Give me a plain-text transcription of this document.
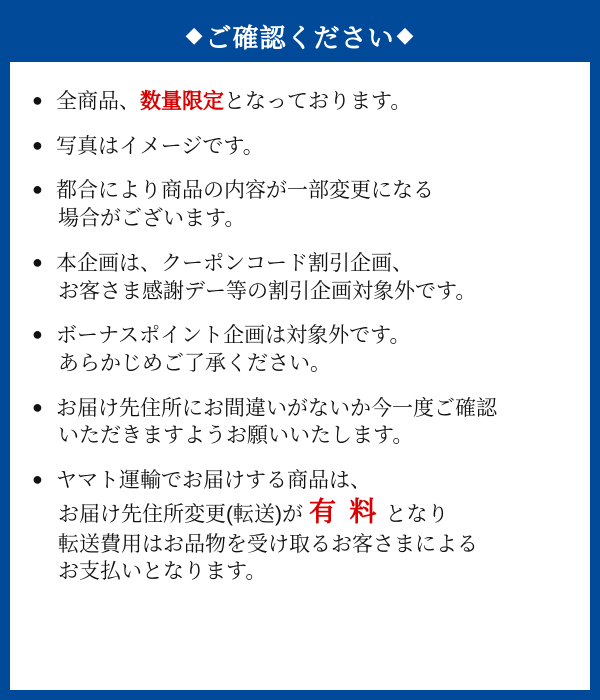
◆ ご確認ください ◆
● 全商品、数量限定となっております。
● 写真はイメージです。
● 都合により商品の内容が一部変更になる
場合がございます。
● 本企画は、クーポンコード割引企画、
お客さま感謝デー等の割引企画対象外です。
● ボーナスポイント企画は対象外です。
あらかじめご了承ください。
● お届け先住所にお間違いがないか今一度ご確認
いただきますようお願いいたします。
● ヤマト運輸でお届けする商品は、
お届け先住所変更(転送)が 有 料 となり
転送費用はお品物を受け取るお客さまによる
お支払いとなります。
